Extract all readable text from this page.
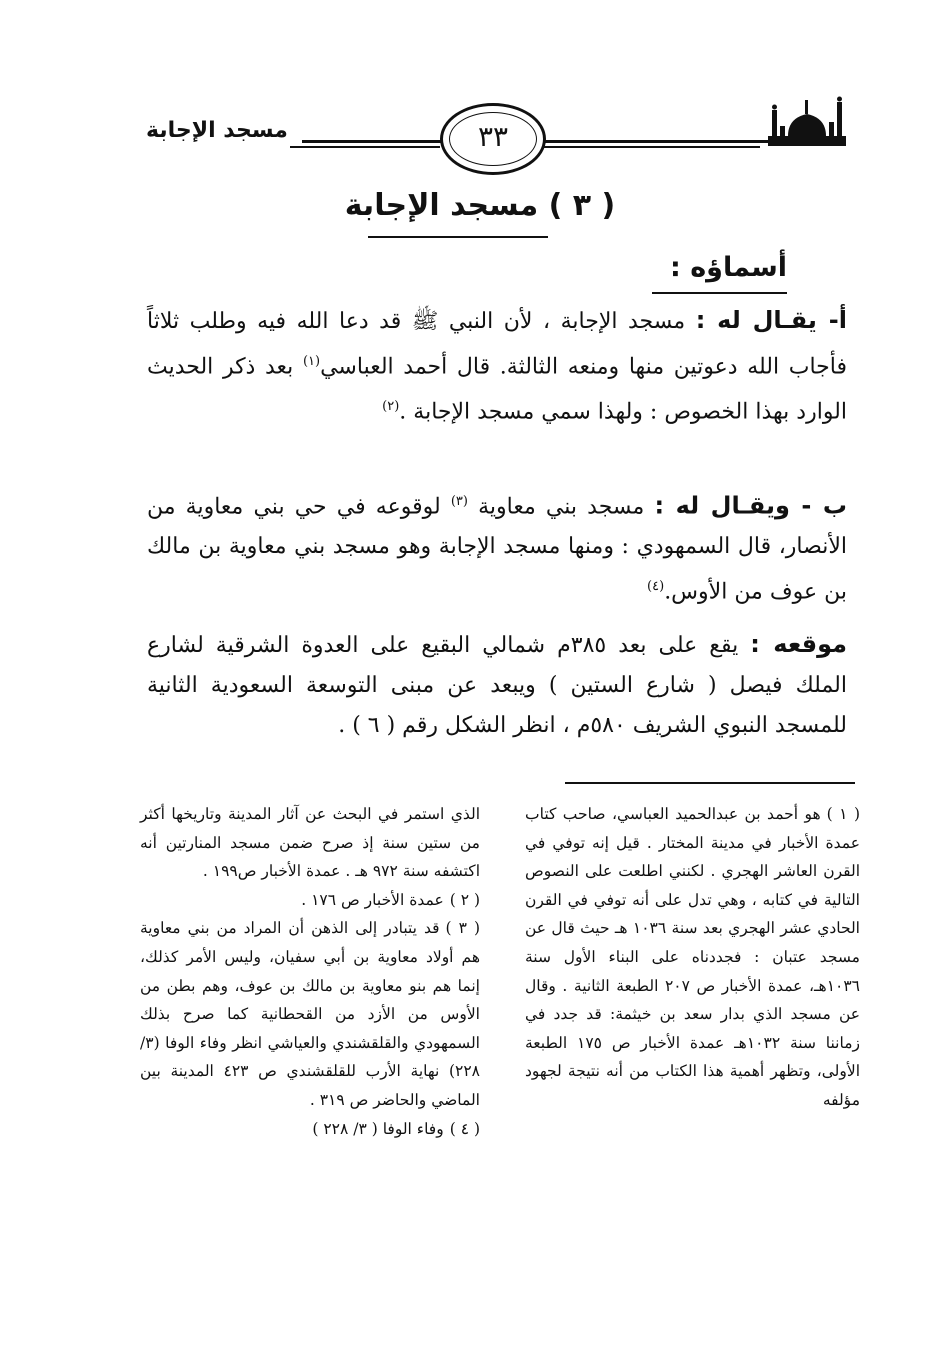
مسجد الإجابة	٣٣
( ٣ ) مسجد الإجابة
أسماؤه :
أ- يقـال له : مسجد الإجابة ، لأن النبي ﷺ قد دعا الله فيه وطلب ثلاثاً فأجاب الله دعوتين منها ومنعه الثالثة. قال أحمد العباسي$^{(١)}$ بعد ذكر الحديث الوارد بهذا الخصوص : ولهذا سمي مسجد الإجابة .$^{(٢)}$
ب - ويقـال له : مسجد بني معاوية $^{(٣)}$ لوقوعه في حي بني معاوية من الأنصار، قال السمهودي : ومنها مسجد الإجابة وهو مسجد بني معاوية بن مالك بن عوف من الأوس.$^{(٤)}$
موقعه : يقع على بعد ٣٨٥م شمالي البقيع على العدوة الشرقية لشارع الملك فيصل ( شارع الستين ) ويبعد عن مبنى التوسعة السعودية الثانية للمسجد النبوي الشريف ٥٨٠م ، انظر الشكل رقم ( ٦ ) .

( ١ )هو أحمد بن عبدالحميد العباسي، صاحب كتاب عمدة الأخبار في مدينة المختار . قيل إنه توفي في القرن العاشر الهجري . لكنني اطلعت على النصوص التالية في كتابه ، وهي تدل على أنه توفي في القرن الحادي عشر الهجري بعد سنة ١٠٣٦ هـ حيث قال عن مسجد عتبان : فجددناه على البناء الأول سنة ١٠٣٦هـ، عمدة الأخبار ص ٢٠٧ الطبعة الثانية . وقال عن مسجد الذي بدار سعد بن خيثمة: قد جدد في زماننا سنة ١٠٣٢هـ عمدة الأخبار ص ١٧٥ الطبعة الأولى، وتظهر أهمية هذا الكتاب من أنه نتيجة لجهود مؤلفه

الذي استمر في البحث عن آثار المدينة وتاريخها أكثر من ستين سنة إذ صرح ضمن مسجد المنارتين أنه اكتشفه سنة ٩٧٢ هـ . عمدة الأخبار ص١٩٩ .

( ٢ )عمدة الأخبار ص ١٧٦ .

( ٣ )قد يتبادر إلى الذهن أن المراد من بني معاوية هم أولاد معاوية بن أبي سفيان، وليس الأمر كذلك، إنما هم بنو معاوية بن مالك بن عوف، وهم بطن من الأوس من الأزد من القحطانية كما صرح بذلك السمهودي والقلقشندي والعياشي انظر وفاء الوفا (٣/ ٢٢٨) نهاية الأرب للقلقشندي ص ٤٢٣ المدينة بين الماضي والحاضر ص ٣١٩ .

( ٤ )وفاء الوفا ( ٣/ ٢٢٨ )
